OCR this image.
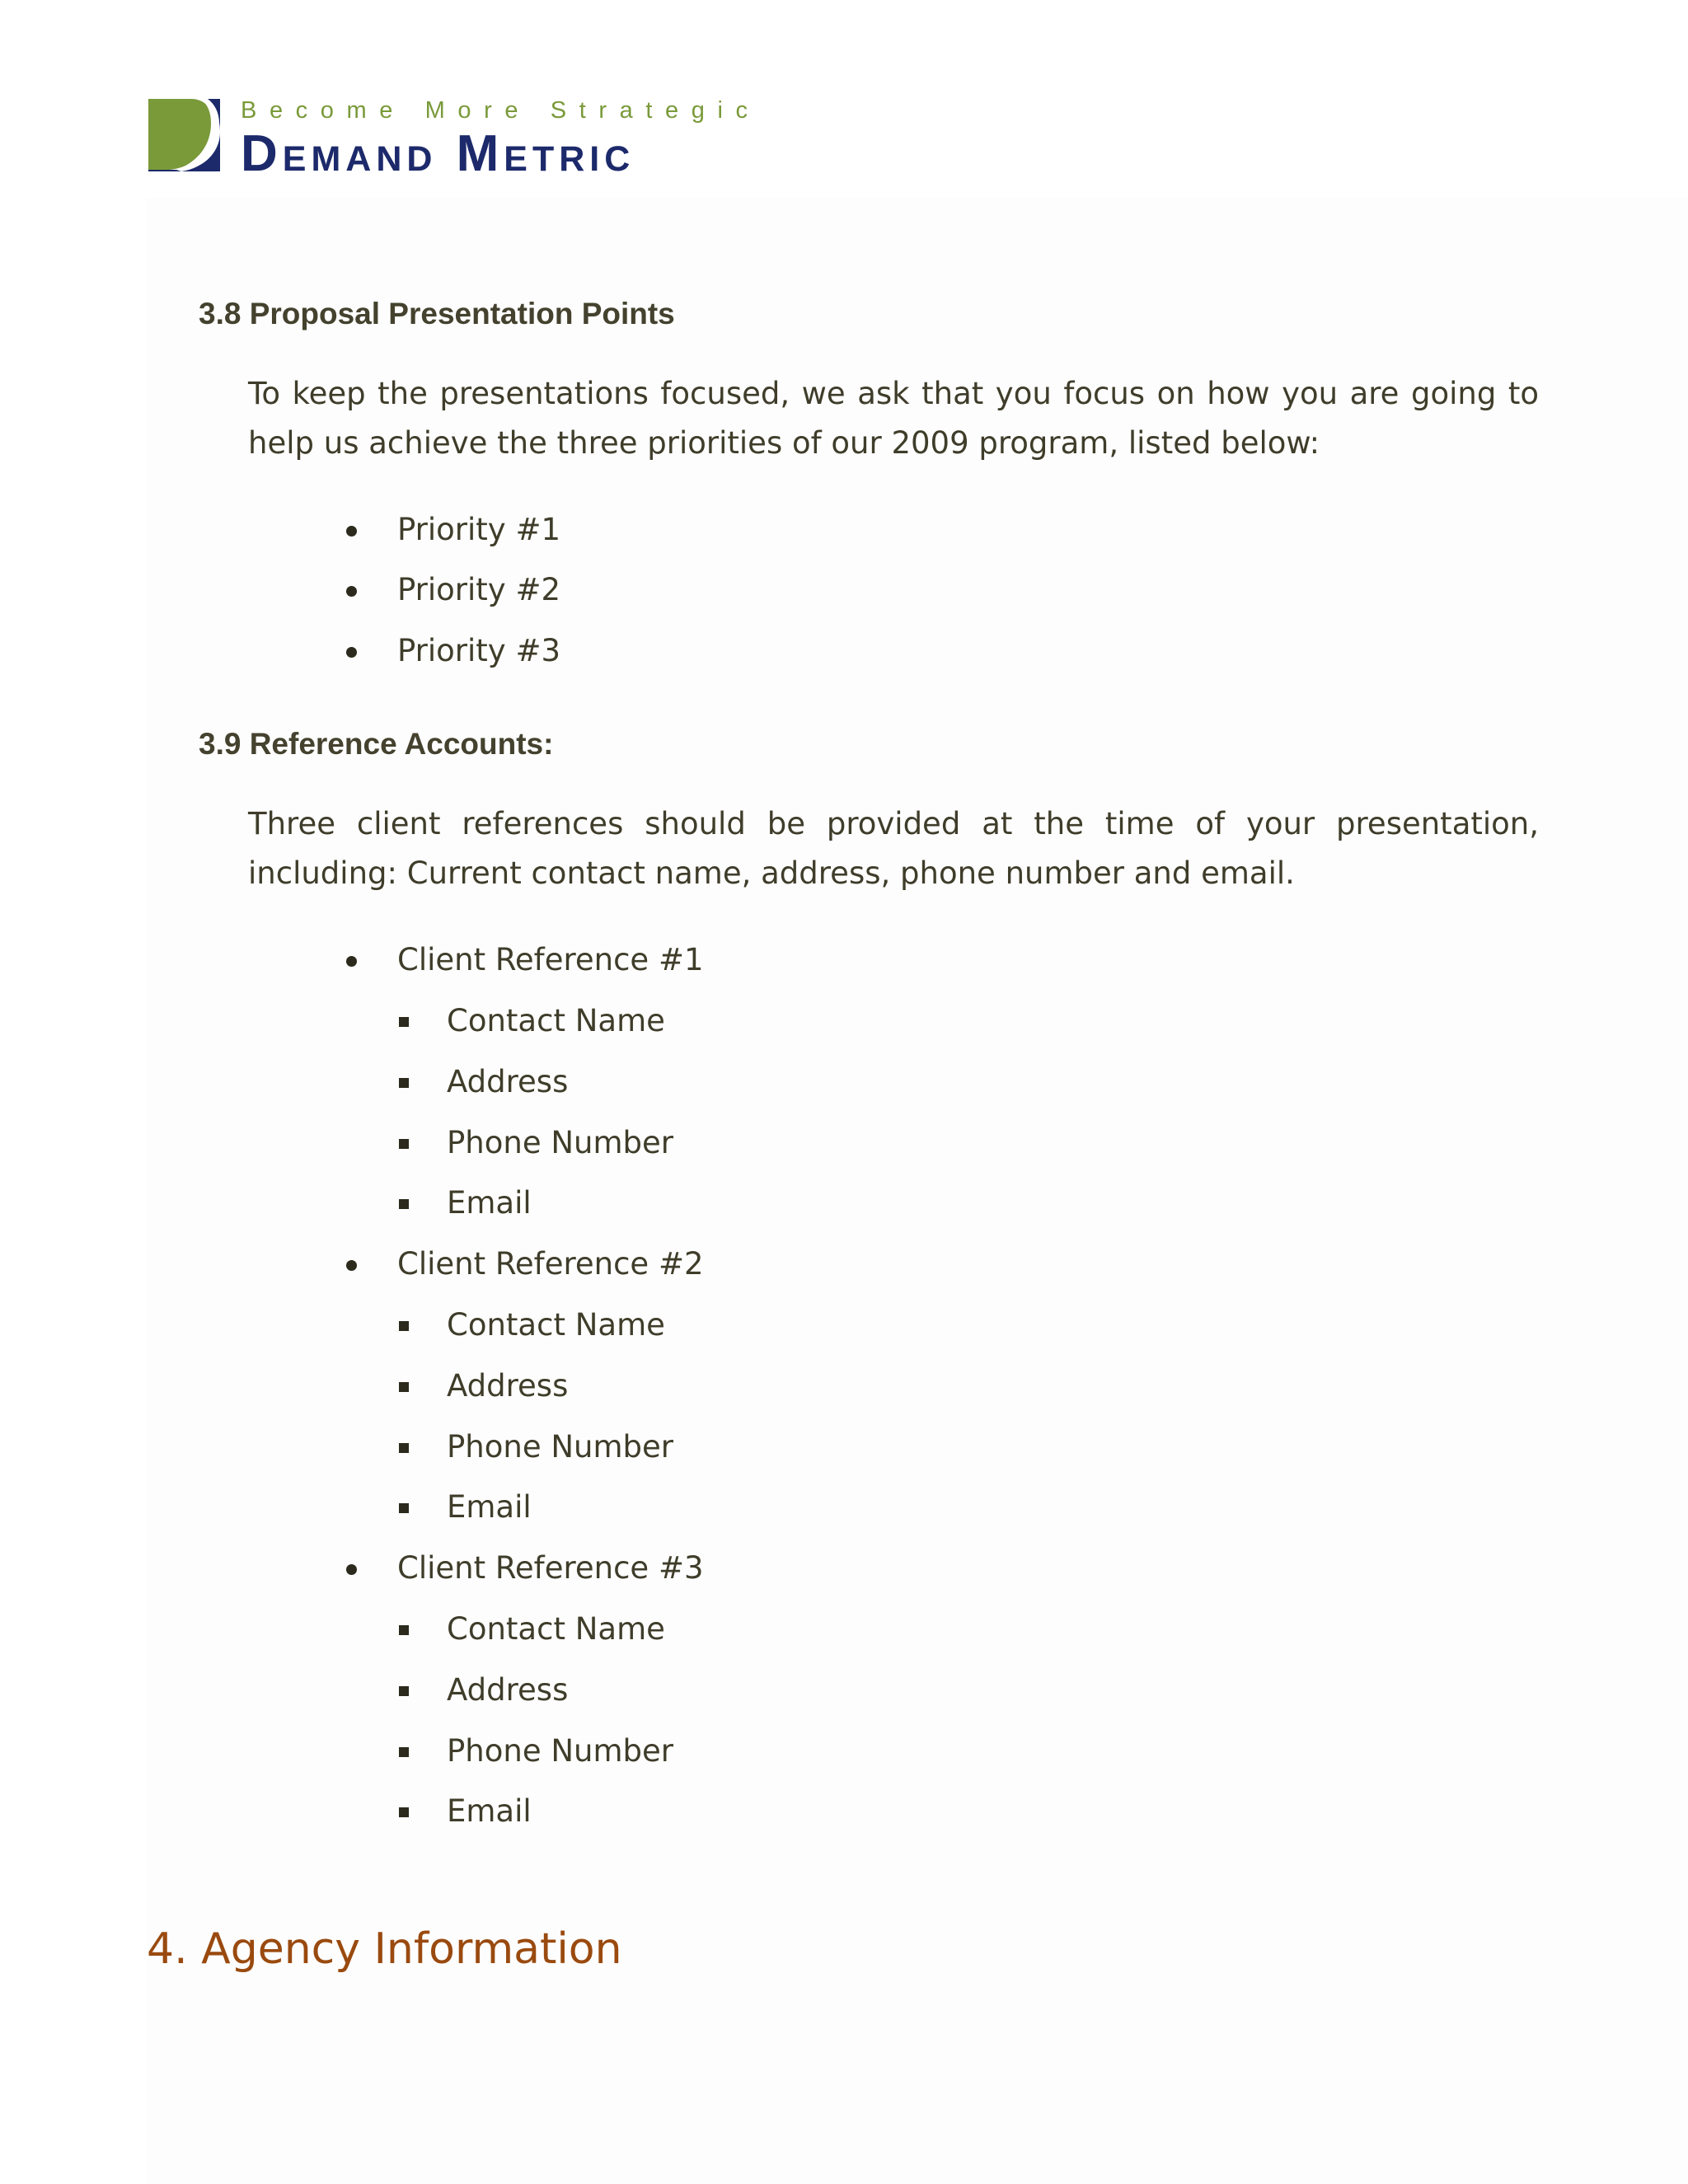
Become More Strategic
Demand Metric
3.8 Proposal Presentation Points
To keep the presentations focused, we ask that you focus on how you are going to
help us achieve the three priorities of our 2009 program, listed below:
Priority #1
Priority #2
Priority #3
3.9 Reference Accounts:
Three client references should be provided at the time of your presentation,
including: Current contact name, address, phone number and email.
Client Reference #1
Contact Name
Address
Phone Number
Email
Client Reference #2
Contact Name
Address
Phone Number
Email
Client Reference #3
Contact Name
Address
Phone Number
Email
4. Agency Information
